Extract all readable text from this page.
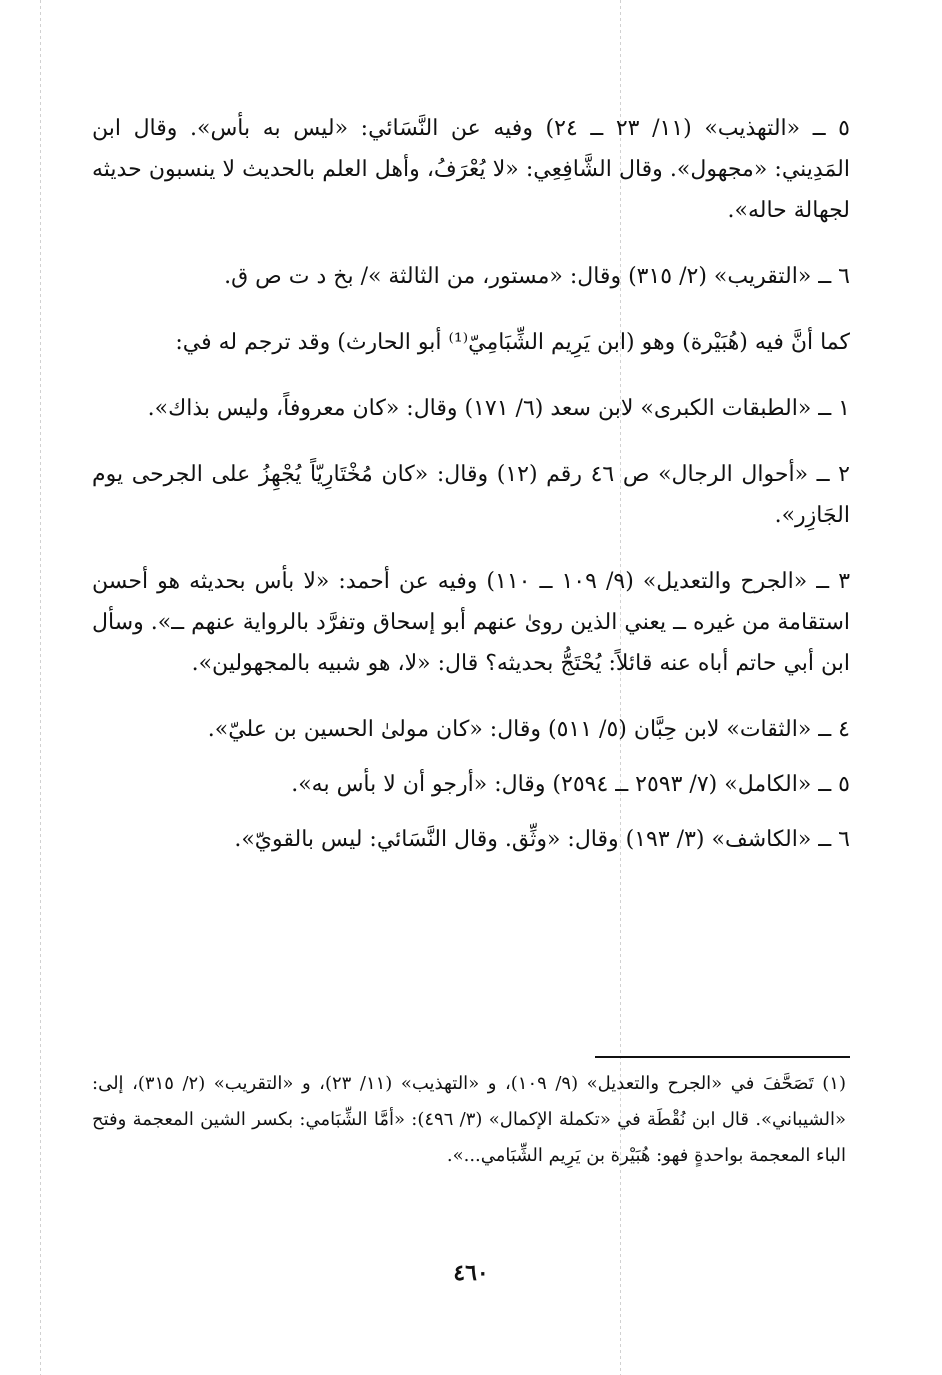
٥ ــ «التهذيب» (١١/ ٢٣ ــ ٢٤) وفيه عن النَّسَائي: «ليس به بأس». وقال ابن المَدِيني: «مجهول». وقال الشَّافِعِي: «لا يُعْرَفُ، وأهل العلم بالحديث لا ينسبون حديثه لجهالة حاله».

٦ ــ «التقريب» (٢/ ٣١٥) وقال: «مستور، من الثالثة »/ بخ د ت ص ق.

كما أنَّ فيه (هُبَيْرة) وهو (ابن يَرِيم الشِّبَامِيّ⁽¹⁾ أبو الحارث) وقد ترجم له في:

١ ــ «الطبقات الكبرى» لابن سعد (٦/ ١٧١) وقال: «كان معروفاً، وليس بذاك».

٢ ــ «أحوال الرجال» ص ٤٦ رقم (١٢) وقال: «كان مُخْتَارِيّاً يُجْهِزُ على الجرحى يوم الجَازِر».

٣ ــ «الجرح والتعديل» (٩/ ١٠٩ ــ ١١٠) وفيه عن أحمد: «لا بأس بحديثه هو أحسن استقامة من غيره ــ يعني الذين روىٰ عنهم أبو إسحاق وتفرَّد بالرواية عنهم ــ». وسأل ابن أبي حاتم أباه عنه قائلاً: يُحْتَجُّ بحديثه؟ قال: «لا، هو شبيه بالمجهولين».

٤ ــ «الثقات» لابن حِبَّان (٥/ ٥١١) وقال: «كان مولىٰ الحسين بن عليّ».

٥ ــ «الكامل» (٧/ ٢٥٩٣ ــ ٢٥٩٤) وقال: «أرجو أن لا بأس به».

٦ ــ «الكاشف» (٣/ ١٩٣) وقال: «وثِّق. وقال النَّسَائي: ليس بالقويّ».

(١) تَصَحَّفَ في «الجرح والتعديل» (٩/ ١٠٩)، و «التهذيب» (١١/ ٢٣)، و «التقريب» (٢/ ٣١٥)، إلى: «الشيباني». قال ابن نُقْطَة في «تكملة الإكمال» (٣/ ٤٩٦): «أمَّا الشِّبَامي: بكسر الشين المعجمة وفتح الباء المعجمة بواحدةٍ فهو: هُبَيْرة بن يَرِيم الشِّبَامي...».

٤٦٠
